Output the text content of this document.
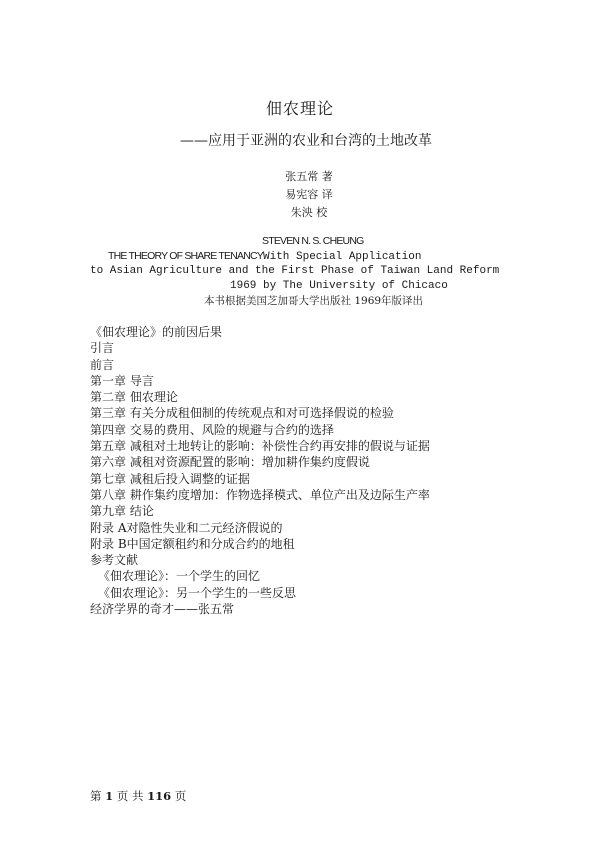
佃农理论
——应用于亚洲的农业和台湾的土地改革
张五常 著
易宪容 译
朱泱 校
STEVEN N. S. CHEUNG
THE THEORY OF SHARE TENANCYWith Special Application
to Asian Agriculture and the First Phase of Taiwan Land Reform
1969 by The University of Chicaco
本书根据美国芝加哥大学出版社 1969年版译出
《佃农理论》的前因后果
引言
前言
第一章 导言
第二章 佃农理论
第三章 有关分成租佃制的传统观点和对可选择假说的检验
第四章 交易的费用、风险的规避与合约的选择
第五章 减租对土地转让的影响：补偿性合约再安排的假说与证据
第六章 减租对资源配置的影响：增加耕作集约度假说
第七章 减租后投入调整的证据
第八章 耕作集约度增加：作物选择模式、单位产出及边际生产率
第九章 结论
附录 A对隐性失业和二元经济假说的
附录 B中国定额租约和分成合约的地租
参考文献
《佃农理论》：一个学生的回忆
《佃农理论》：另一个学生的一些反思
经济学界的奇才——张五常
第 1 页 共 116 页
